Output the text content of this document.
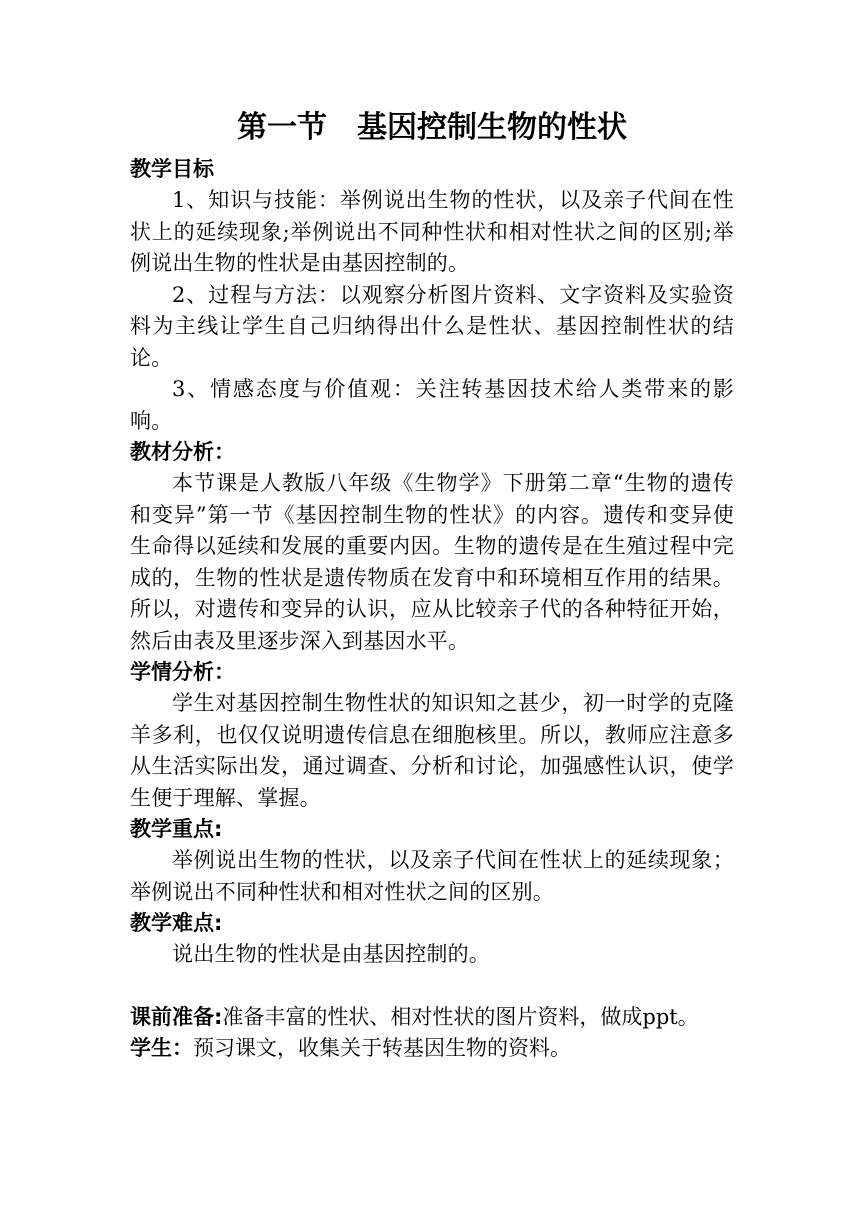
第一节　基因控制生物的性状

教学目标

1、知识与技能：举例说出生物的性状，以及亲子代间在性状上的延续现象;举例说出不同种性状和相对性状之间的区别;举例说出生物的性状是由基因控制的。

2、过程与方法：以观察分析图片资料、文字资料及实验资料为主线让学生自己归纳得出什么是性状、基因控制性状的结论。

3、情感态度与价值观：关注转基因技术给人类带来的影响。

教材分析：

本节课是人教版八年级《生物学》下册第二章“生物的遗传和变异”第一节《基因控制生物的性状》的内容。遗传和变异使生命得以延续和发展的重要内因。生物的遗传是在生殖过程中完成的，生物的性状是遗传物质在发育中和环境相互作用的结果。所以，对遗传和变异的认识，应从比较亲子代的各种特征开始，然后由表及里逐步深入到基因水平。

学情分析：

学生对基因控制生物性状的知识知之甚少，初一时学的克隆羊多利，也仅仅说明遗传信息在细胞核里。所以，教师应注意多从生活实际出发，通过调查、分析和讨论，加强感性认识，使学生便于理解、掌握。

教学重点:

举例说出生物的性状，以及亲子代间在性状上的延续现象；举例说出不同种性状和相对性状之间的区别。

教学难点:

说出生物的性状是由基因控制的。

课前准备:准备丰富的性状、相对性状的图片资料，做成ppt。

学生：预习课文，收集关于转基因生物的资料。
